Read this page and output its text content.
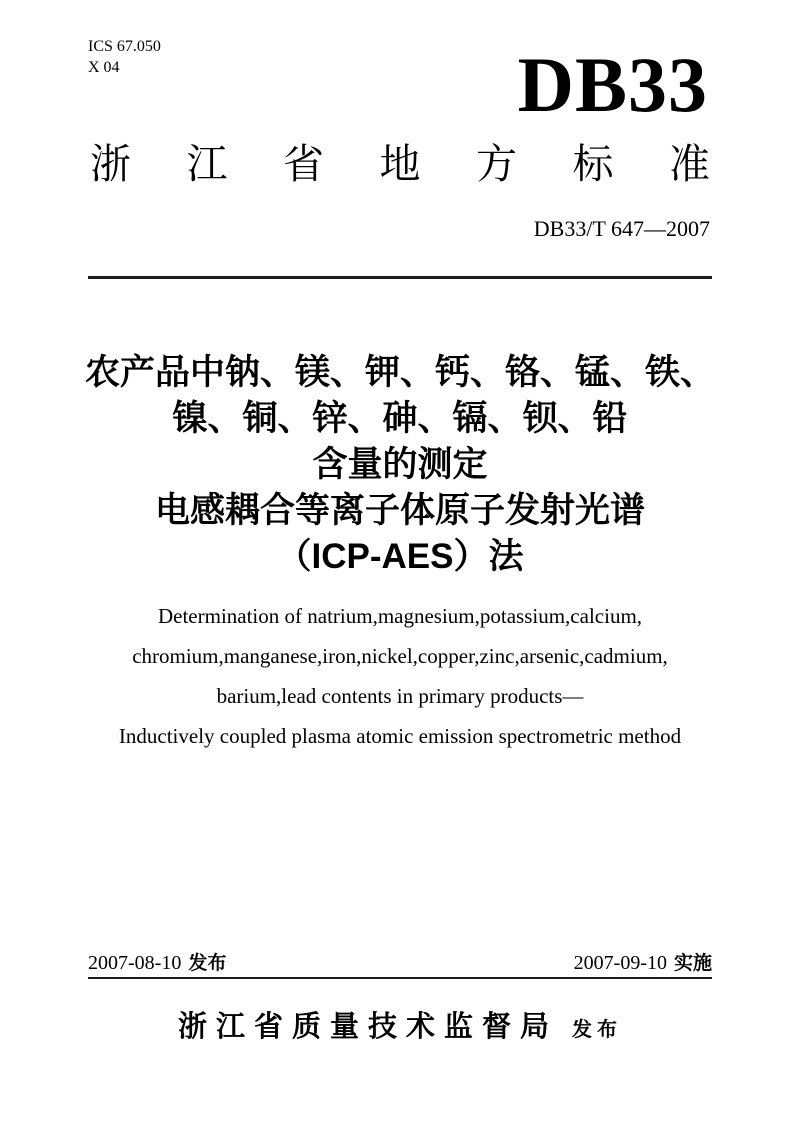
ICS 67.050
X 04	DB33
浙 江 省 地 方 标 准
DB33/T 647—2007
农产品中钠、镁、钾、钙、铬、锰、铁、
镍、铜、锌、砷、镉、钡、铅
含量的测定
电感耦合等离子体原子发射光谱
（ICP-AES）法
Determination of natrium,magnesium,potassium,calcium,
chromium,manganese,iron,nickel,copper,zinc,arsenic,cadmium,
barium,lead contents in primary products—
Inductively coupled plasma atomic emission spectrometric method
2007-08-10 发布	2007-09-10 实施
浙江省质量技术监督局 发布
